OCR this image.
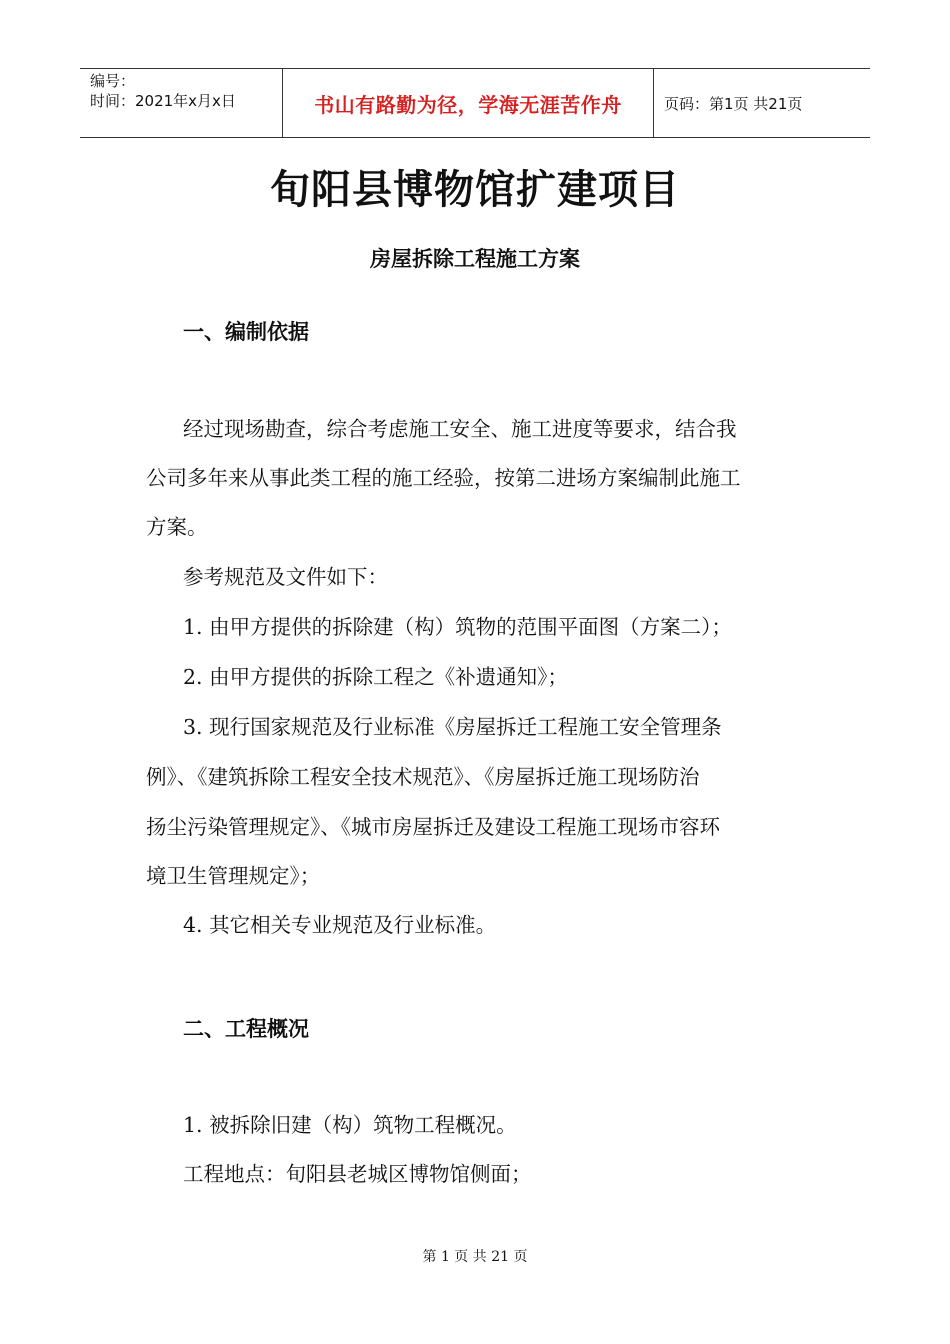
编号：
时间：2021年x月x日	书山有路勤为径，学海无涯苦作舟	页码：第1页 共21页
旬阳县博物馆扩建项目
房屋拆除工程施工方案
一、编制依据
经过现场勘查，综合考虑施工安全、施工进度等要求，结合我
公司多年来从事此类工程的施工经验，按第二进场方案编制此施工
方案。
参考规范及文件如下：
1. 由甲方提供的拆除建（构）筑物的范围平面图（方案二）；
2. 由甲方提供的拆除工程之《补遗通知》；
3. 现行国家规范及行业标准《房屋拆迁工程施工安全管理条
例》、《建筑拆除工程安全技术规范》、《房屋拆迁施工现场防治
扬尘污染管理规定》、《城市房屋拆迁及建设工程施工现场市容环
境卫生管理规定》；
4. 其它相关专业规范及行业标准。
二、工程概况
1. 被拆除旧建（构）筑物工程概况。
工程地点：旬阳县老城区博物馆侧面；
第 1 页 共 21 页
